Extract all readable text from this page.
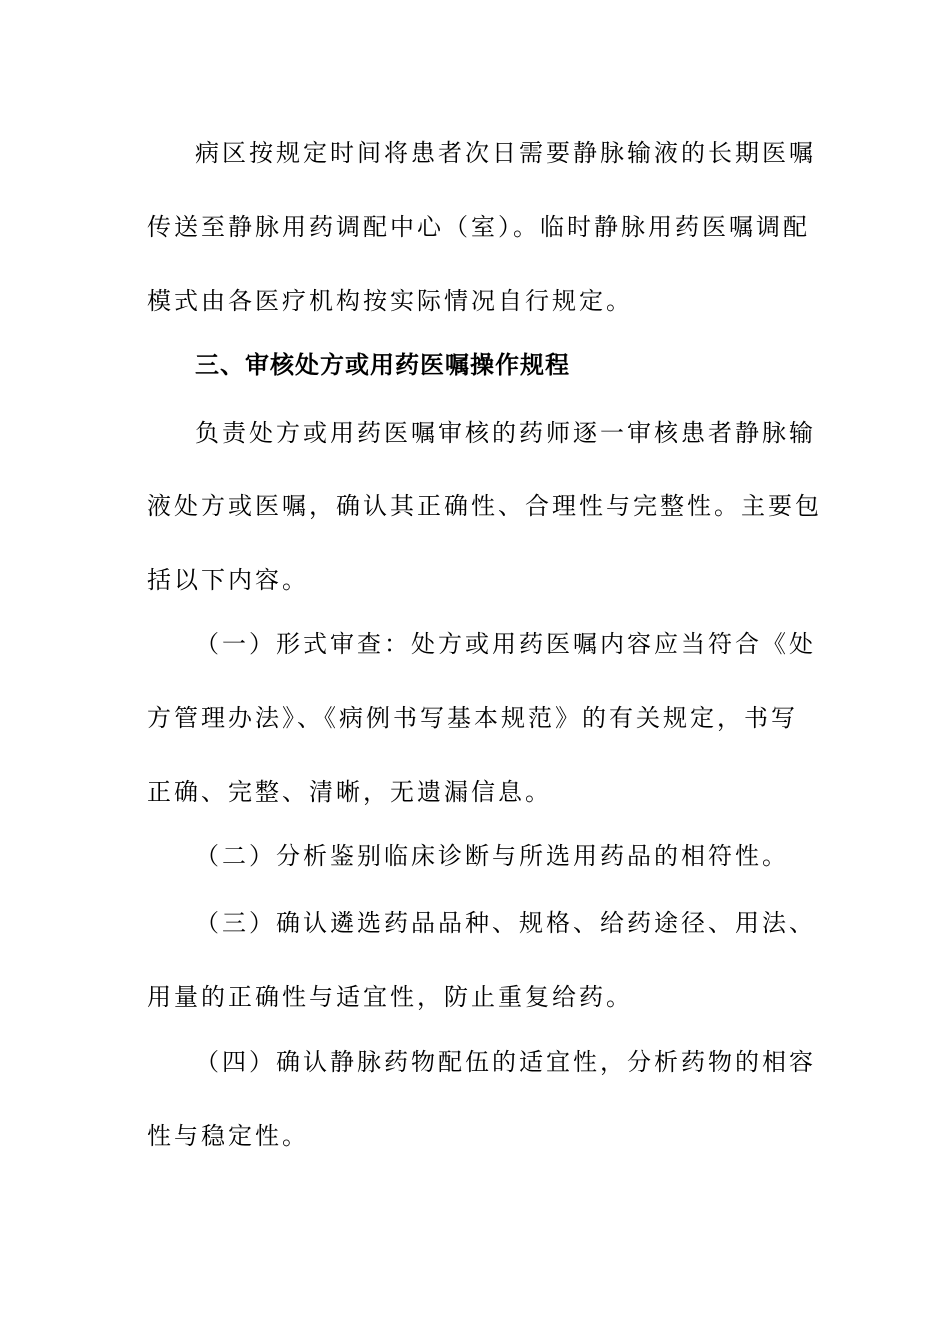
病区按规定时间将患者次日需要静脉输液的长期医嘱
传送至静脉用药调配中心（室）。临时静脉用药医嘱调配
模式由各医疗机构按实际情况自行规定。
三、审核处方或用药医嘱操作规程
负责处方或用药医嘱审核的药师逐一审核患者静脉输
液处方或医嘱，确认其正确性、合理性与完整性。主要包
括以下内容。
（一）形式审查：处方或用药医嘱内容应当符合《处
方管理办法》、《病例书写基本规范》的有关规定，书写
正确、完整、清晰，无遗漏信息。
（二）分析鉴别临床诊断与所选用药品的相符性。
（三）确认遴选药品品种、规格、给药途径、用法、
用量的正确性与适宜性，防止重复给药。
（四）确认静脉药物配伍的适宜性，分析药物的相容
性与稳定性。
